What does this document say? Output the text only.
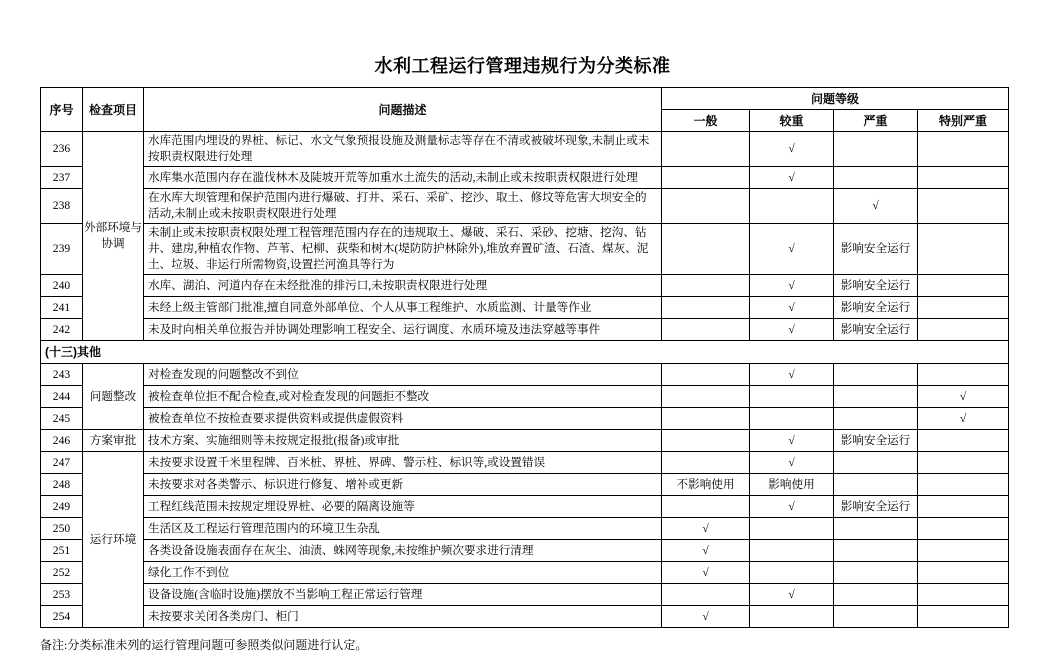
水利工程运行管理违规行为分类标准
序号	检查项目	问题描述	问题等级			
			一般	较重	严重	特别严重
236	外部环境与协调	水库范围内埋设的界桩、标记、水文气象预报设施及测量标志等存在不清或被破坏现象,未制止或未按职责权限进行处理		√		
237		水库集水范围内存在滥伐林木及陡坡开荒等加重水土流失的活动,未制止或未按职责权限进行处理		√		
238		在水库大坝管理和保护范围内进行爆破、打井、采石、采矿、挖沙、取土、修坟等危害大坝安全的活动,未制止或未按职责权限进行处理			√	
239		未制止或未按职责权限处理工程管理范围内存在的违规取土、爆破、采石、采砂、挖塘、挖沟、钻井、建房,种植农作物、芦苇、杞柳、荻柴和树木(堤防防护林除外),堆放弃置矿渣、石渣、煤灰、泥土、垃圾、非运行所需物资,设置拦河渔具等行为		√	影响安全运行	
240		水库、湖泊、河道内存在未经批准的排污口,未按职责权限进行处理		√	影响安全运行	
241		未经上级主管部门批准,擅自同意外部单位、个人从事工程维护、水质监测、计量等作业		√	影响安全运行	
242		未及时向相关单位报告并协调处理影响工程安全、运行调度、水质环境及违法穿越等事件		√	影响安全运行	
(十三)其他						
243	问题整改	对检查发现的问题整改不到位		√		
244		被检查单位拒不配合检查,或对检查发现的问题拒不整改				√
245		被检查单位不按检查要求提供资料或提供虚假资料				√
246	方案审批	技术方案、实施细则等未按规定报批(报备)或审批		√	影响安全运行	
247	运行环境	未按要求设置千米里程牌、百米桩、界桩、界碑、警示柱、标识等,或设置错误		√		
248		未按要求对各类警示、标识进行修复、增补或更新	不影响使用	影响使用		
249		工程红线范围未按规定埋设界桩、必要的隔离设施等		√	影响安全运行	
250		生活区及工程运行管理范围内的环境卫生杂乱	√			
251		各类设备设施表面存在灰尘、油渍、蛛网等现象,未按维护频次要求进行清理	√			
252		绿化工作不到位	√			
253		设备设施(含临时设施)摆放不当影响工程正常运行管理		√		
254		未按要求关闭各类房门、柜门	√			
备注:分类标准未列的运行管理问题可参照类似问题进行认定。
